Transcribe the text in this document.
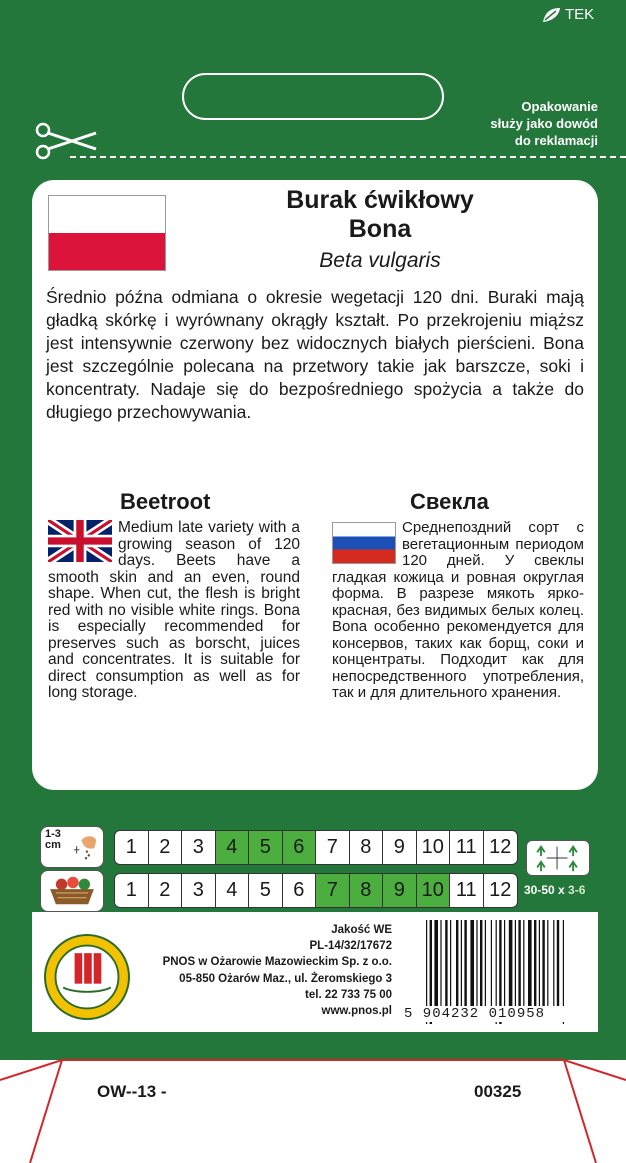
TEK
Opakowanie
służy jako dowód
do reklamacji
Burak ćwikłowy
Bona
Beta vulgaris
Średnio późna odmiana o okresie wegetacji 120 dni. Buraki mają gładką skórkę i wyrównany okrągły kształt. Po przekrojeniu miąższ jest intensywnie czerwony bez widocznych białych pierścieni. Bona jest szczególnie polecana na przetwory takie jak barszcze, soki i koncentraty. Nadaje się do bezpośredniego spożycia a także do długiego przechowywania.
Beetroot	Свекла
Medium late variety with a growing season of 120 days. Beets have a smooth skin and an even, round shape. When cut, the flesh is bright red with no visible white rings. Bona is especially recommended for preserves such as borscht, juices and concentrates. It is suitable for direct consumption as well as for long storage.
Среднепоздний сорт с вегетационным периодом 120 дней. У свеклы гладкая кожица и ровная округлая форма. В разрезе мякоть ярко-красная, без видимых белых колец. Bona особенно рекомендуется для консервов, таких как борщ, соки и концентраты. Подходит как для непосредственного употребления, так и для длительного хранения.
1-3
cm	1	2	3	4	5	6	7	8	9 10 11 12
1	2	3	4	5	6	7	8	9 10 11 12	30-50 x 3-6
Jakość WE
PL-14/32/17672
PNOS w Ożarowie Mazowieckim Sp. z o.o.
05-850 Ożarów Maz., ul. Żeromskiego 3
tel. 22 733 75 00
www.pnos.pl 5 904232 010958
OW--13 -	00325
